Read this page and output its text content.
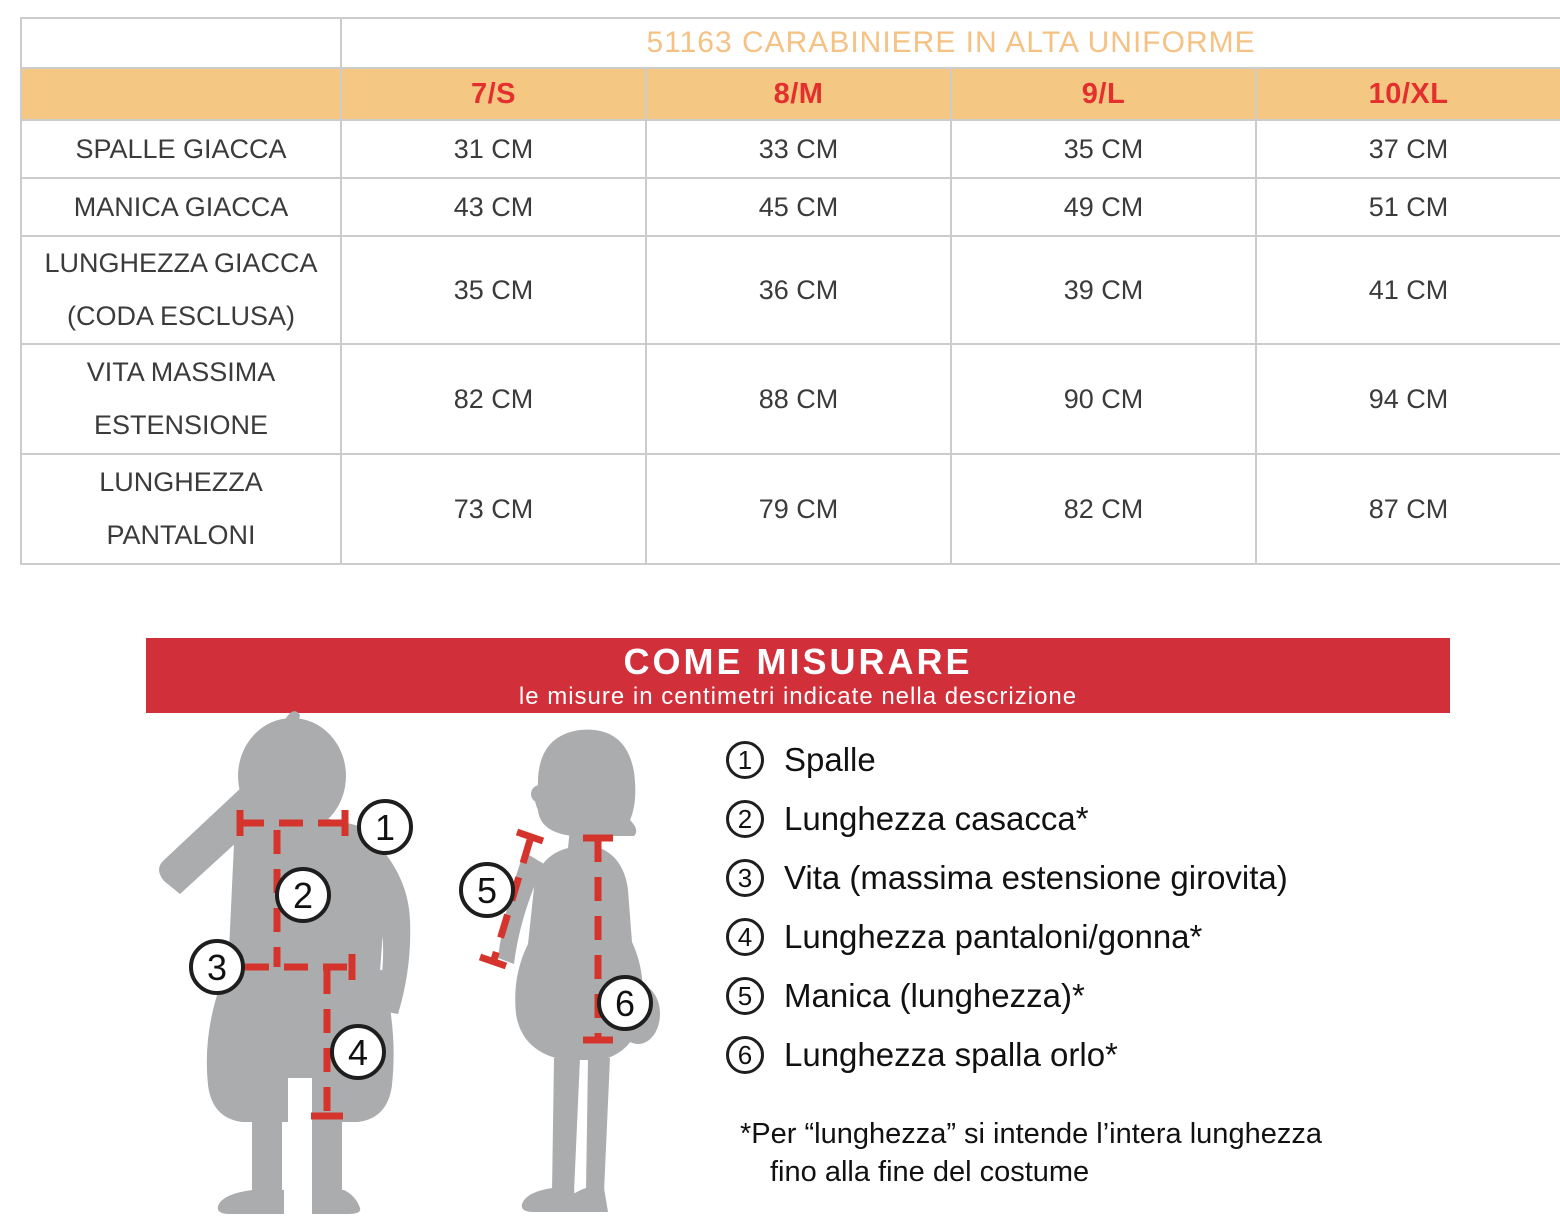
	51163 CARABINIERE IN ALTA UNIFORME			
	7/S	8/M	9/L	10/XL

SPALLE GIACCA	31 CM	33 CM	35 CM	37 CM

MANICA GIACCA	43 CM	45 CM	49 CM	51 CM

LUNGHEZZA GIACCA
(CODA ESCLUSA)	35 CM	36 CM	39 CM	41 CM

VITA MASSIMA
ESTENSIONE	82 CM	88 CM	90 CM	94 CM

LUNGHEZZA
PANTALONI	73 CM	79 CM	82 CM	87 CM
COME MISURARE
le misure in centimetri indicate nella descrizione
1
2
3
4
5
6
1 Spalle
2 Lunghezza casacca*
3 Vita (massima estensione girovita)
4 Lunghezza pantaloni/gonna*
5 Manica (lunghezza)*
6 Lunghezza spalla orlo*
*Per “lunghezza” si intende l’intera lunghezza
fino alla fine del costume
